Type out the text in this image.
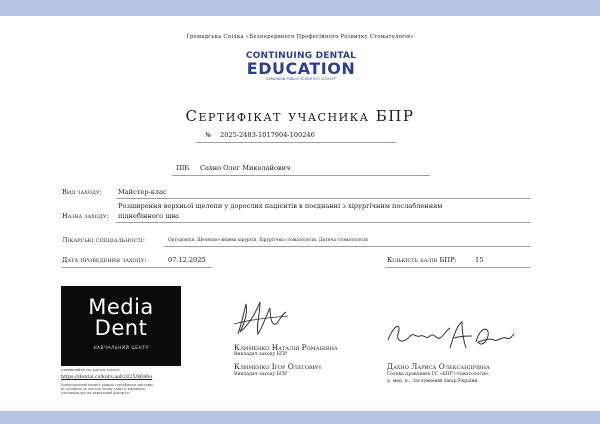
Громадська Спілка «Безперервного Професійного Розвитку Стоматологів»
CONTINUING DENTAL
EDUCATION
UKRAINIAN PUBLIC SCIENTIFIC SOCIETY
Сертифікат учасника БПР
№ 2025-2483-1017904-100246
ПІБ Сахно Олег Миколайович
Вид заходу: Майстер-клас
Розширення верхньої щелепи у дорослих пацієнтів в поєднанні з хірургічним послабленням
Назва заходу: піднебінного шва
Лікарські спеціальності:	Ортодонтія, Щелепно-лицева хірургія, Хірургічна стоматологія, Дитяча стоматологія
Дата проведення заходу:	07.12.2025	Кількість балів БПР:	15
Media
Dent
НАВЧАЛЬНИЙ ЦЕНТР
перевіряйте на картці заходу
https://dental.cs/kurs.aid/2025/8686o
Контролюючий вплив в рамках сертифікати змістовно
не залежать за змістом зможу захисту відповідно
учасникам про на навчальний фаховості.
Клименко Наталія Романівна
Викладач заходу БПР
Клименко Ігор Олегович
Викладач заходу БПР
Дахно Лариса Олександрівна
Голова правління ГС «БПР стоматологів»,
д. мед. н., Заслужений лікар України
